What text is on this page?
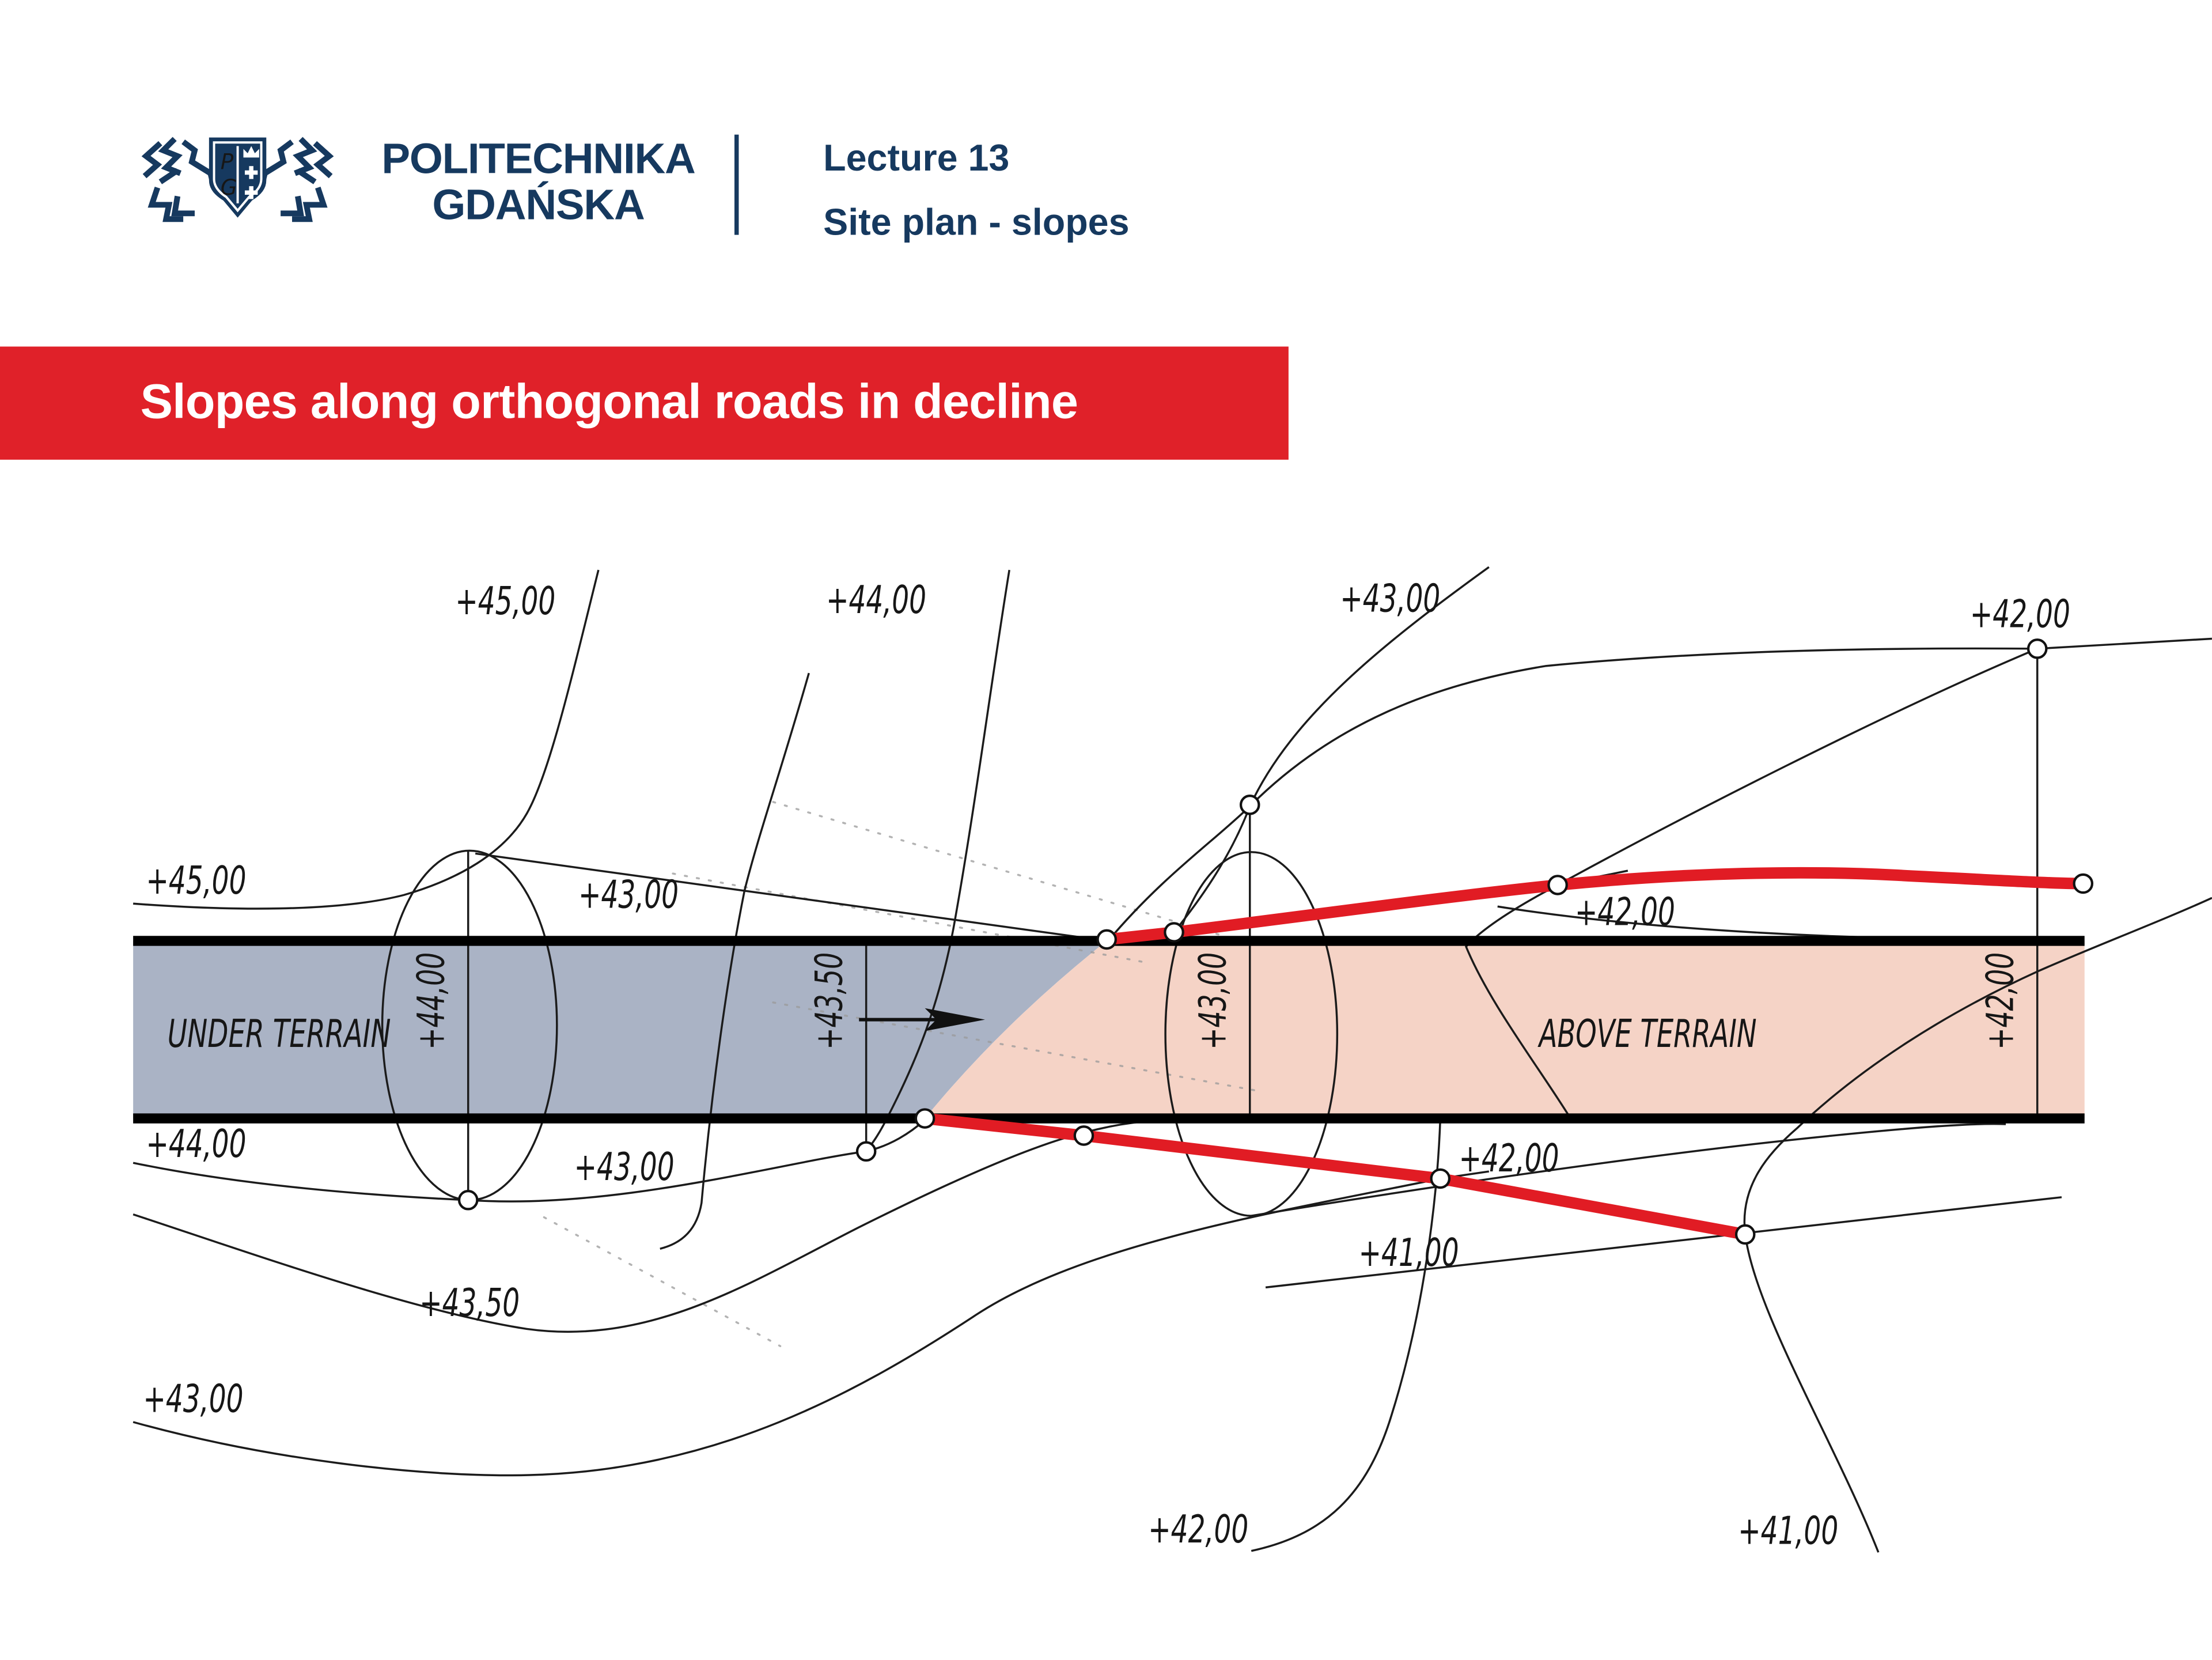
+44,00	+43,50	+43,00	+42,00
+45,00	+44,00	+43,00	+42,00
+45,00	+43,00	+42,00
+44,00
+43,00	+42,00
+41,00
+43,50
+43,00
+42,00	+41,00
UNDER TERRAIN	ABOVE TERRAIN
P
G
POLITECHNIKA
GDAŃSKA
Lecture 13
Site plan - slopes
Slopes along orthogonal roads in decline
